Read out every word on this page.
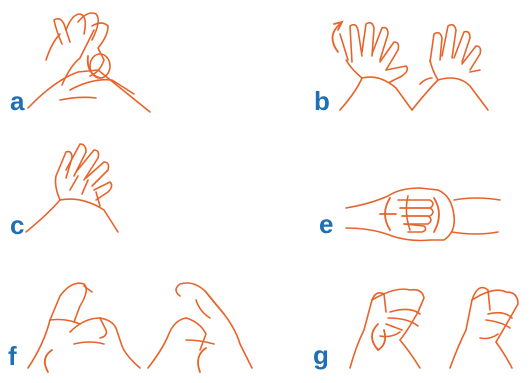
a	b
c	e
f	g
